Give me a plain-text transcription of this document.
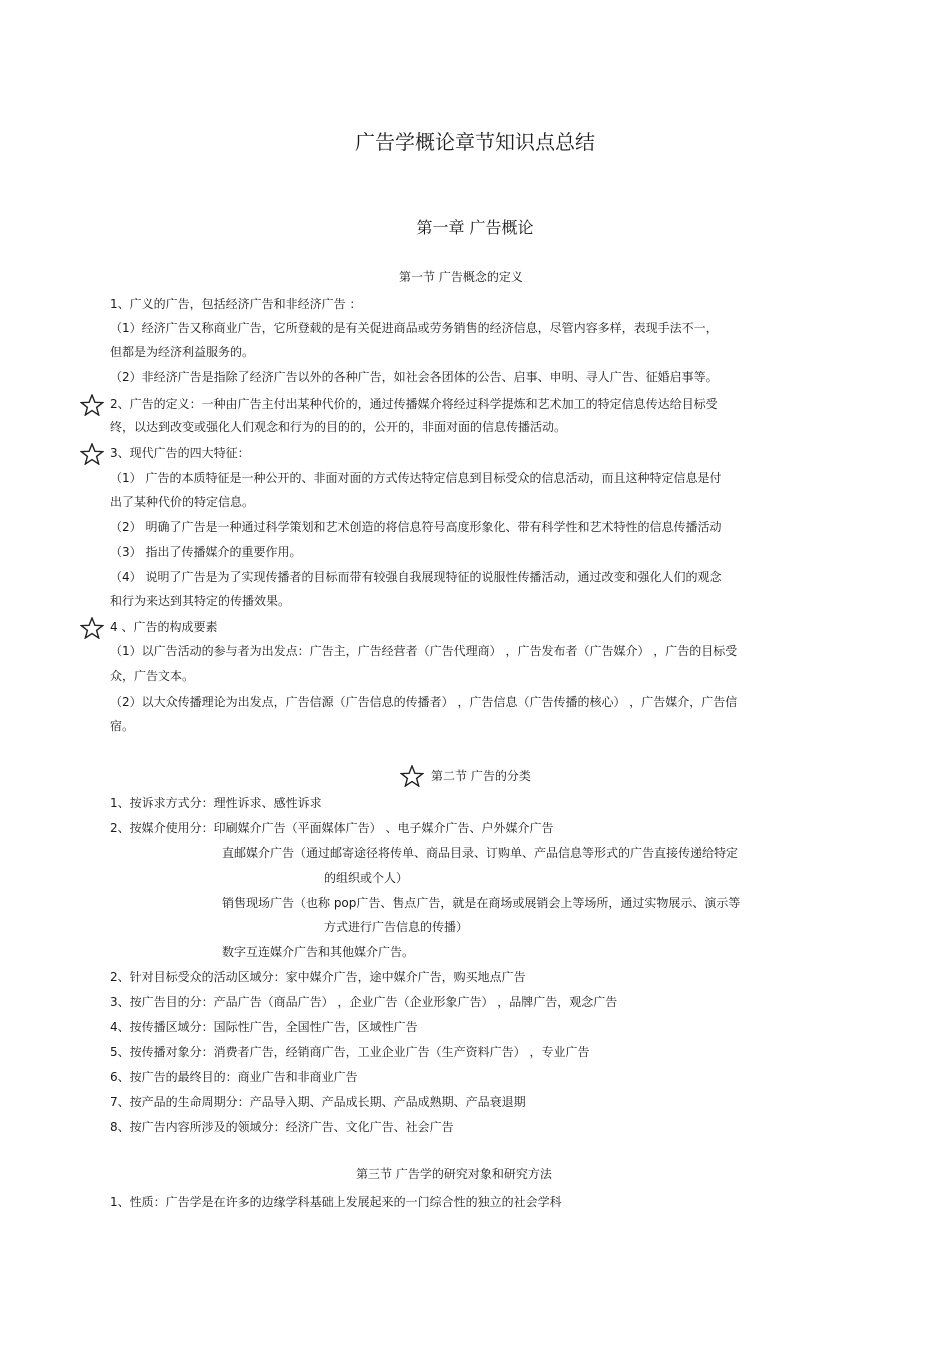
广告学概论章节知识点总结
第一章 广告概论

第一节 广告概念的定义

1、广义的广告，包括经济广告和非经济广告 ：

（1）经济广告又称商业广告，它所登载的是有关促进商品或劳务销售的经济信息，尽管内容多样，表现手法不一，

但都是为经济利益服务的。

（2）非经济广告是指除了经济广告以外的各种广告，如社会各团体的公告、启事、申明、寻人广告、征婚启事等。

2、广告的定义：一种由广告主付出某种代价的，通过传播媒介将经过科学提炼和艺术加工的特定信息传达给目标受

终，以达到改变或强化人们观念和行为的目的的，公开的，非面对面的信息传播活动。

3、现代广告的四大特征：

（1） 广告的本质特征是一种公开的、非面对面的方式传达特定信息到目标受众的信息活动，而且这种特定信息是付

出了某种代价的特定信息。

（2） 明确了广告是一种通过科学策划和艺术创造的将信息符号高度形象化、带有科学性和艺术特性的信息传播活动

（3） 指出了传播媒介的重要作用。

（4） 说明了广告是为了实现传播者的目标而带有较强自我展现特征的说服性传播活动，通过改变和强化人们的观念

和行为来达到其特定的传播效果。

4 、广告的构成要素

（1）以广告活动的参与者为出发点：广告主，广告经营者（广告代理商） ，广告发布者（广告媒介） ，广告的目标受

众，广告文本。

（2）以大众传播理论为出发点，广告信源（广告信息的传播者） ，广告信息（广告传播的核心） ，广告媒介，广告信

宿。

第二节 广告的分类

1、按诉求方式分：理性诉求、感性诉求

2、按媒介使用分：印刷媒介广告（平面媒体广告） 、电子媒介广告、户外媒介广告

直邮媒介广告（通过邮寄途径将传单、商品目录、订购单、产品信息等形式的广告直接传递给特定

的组织或个人）

销售现场广告（也称 pop广告、售点广告，就是在商场或展销会上等场所，通过实物展示、演示等

方式进行广告信息的传播）

数字互连媒介广告和其他媒介广告。

2、针对目标受众的活动区域分：家中媒介广告，途中媒介广告，购买地点广告

3、按广告目的分：产品广告（商品广告） ，企业广告（企业形象广告） ，品牌广告，观念广告

4、按传播区域分：国际性广告，全国性广告，区域性广告

5、按传播对象分：消费者广告，经销商广告，工业企业广告（生产资料广告） ，专业广告

6、按广告的最终目的：商业广告和非商业广告

7、按产品的生命周期分：产品导入期、产品成长期、产品成熟期、产品衰退期

8、按广告内容所涉及的领域分：经济广告、文化广告、社会广告

第三节 广告学的研究对象和研究方法

1、性质：广告学是在许多的边缘学科基础上发展起来的一门综合性的独立的社会学科
